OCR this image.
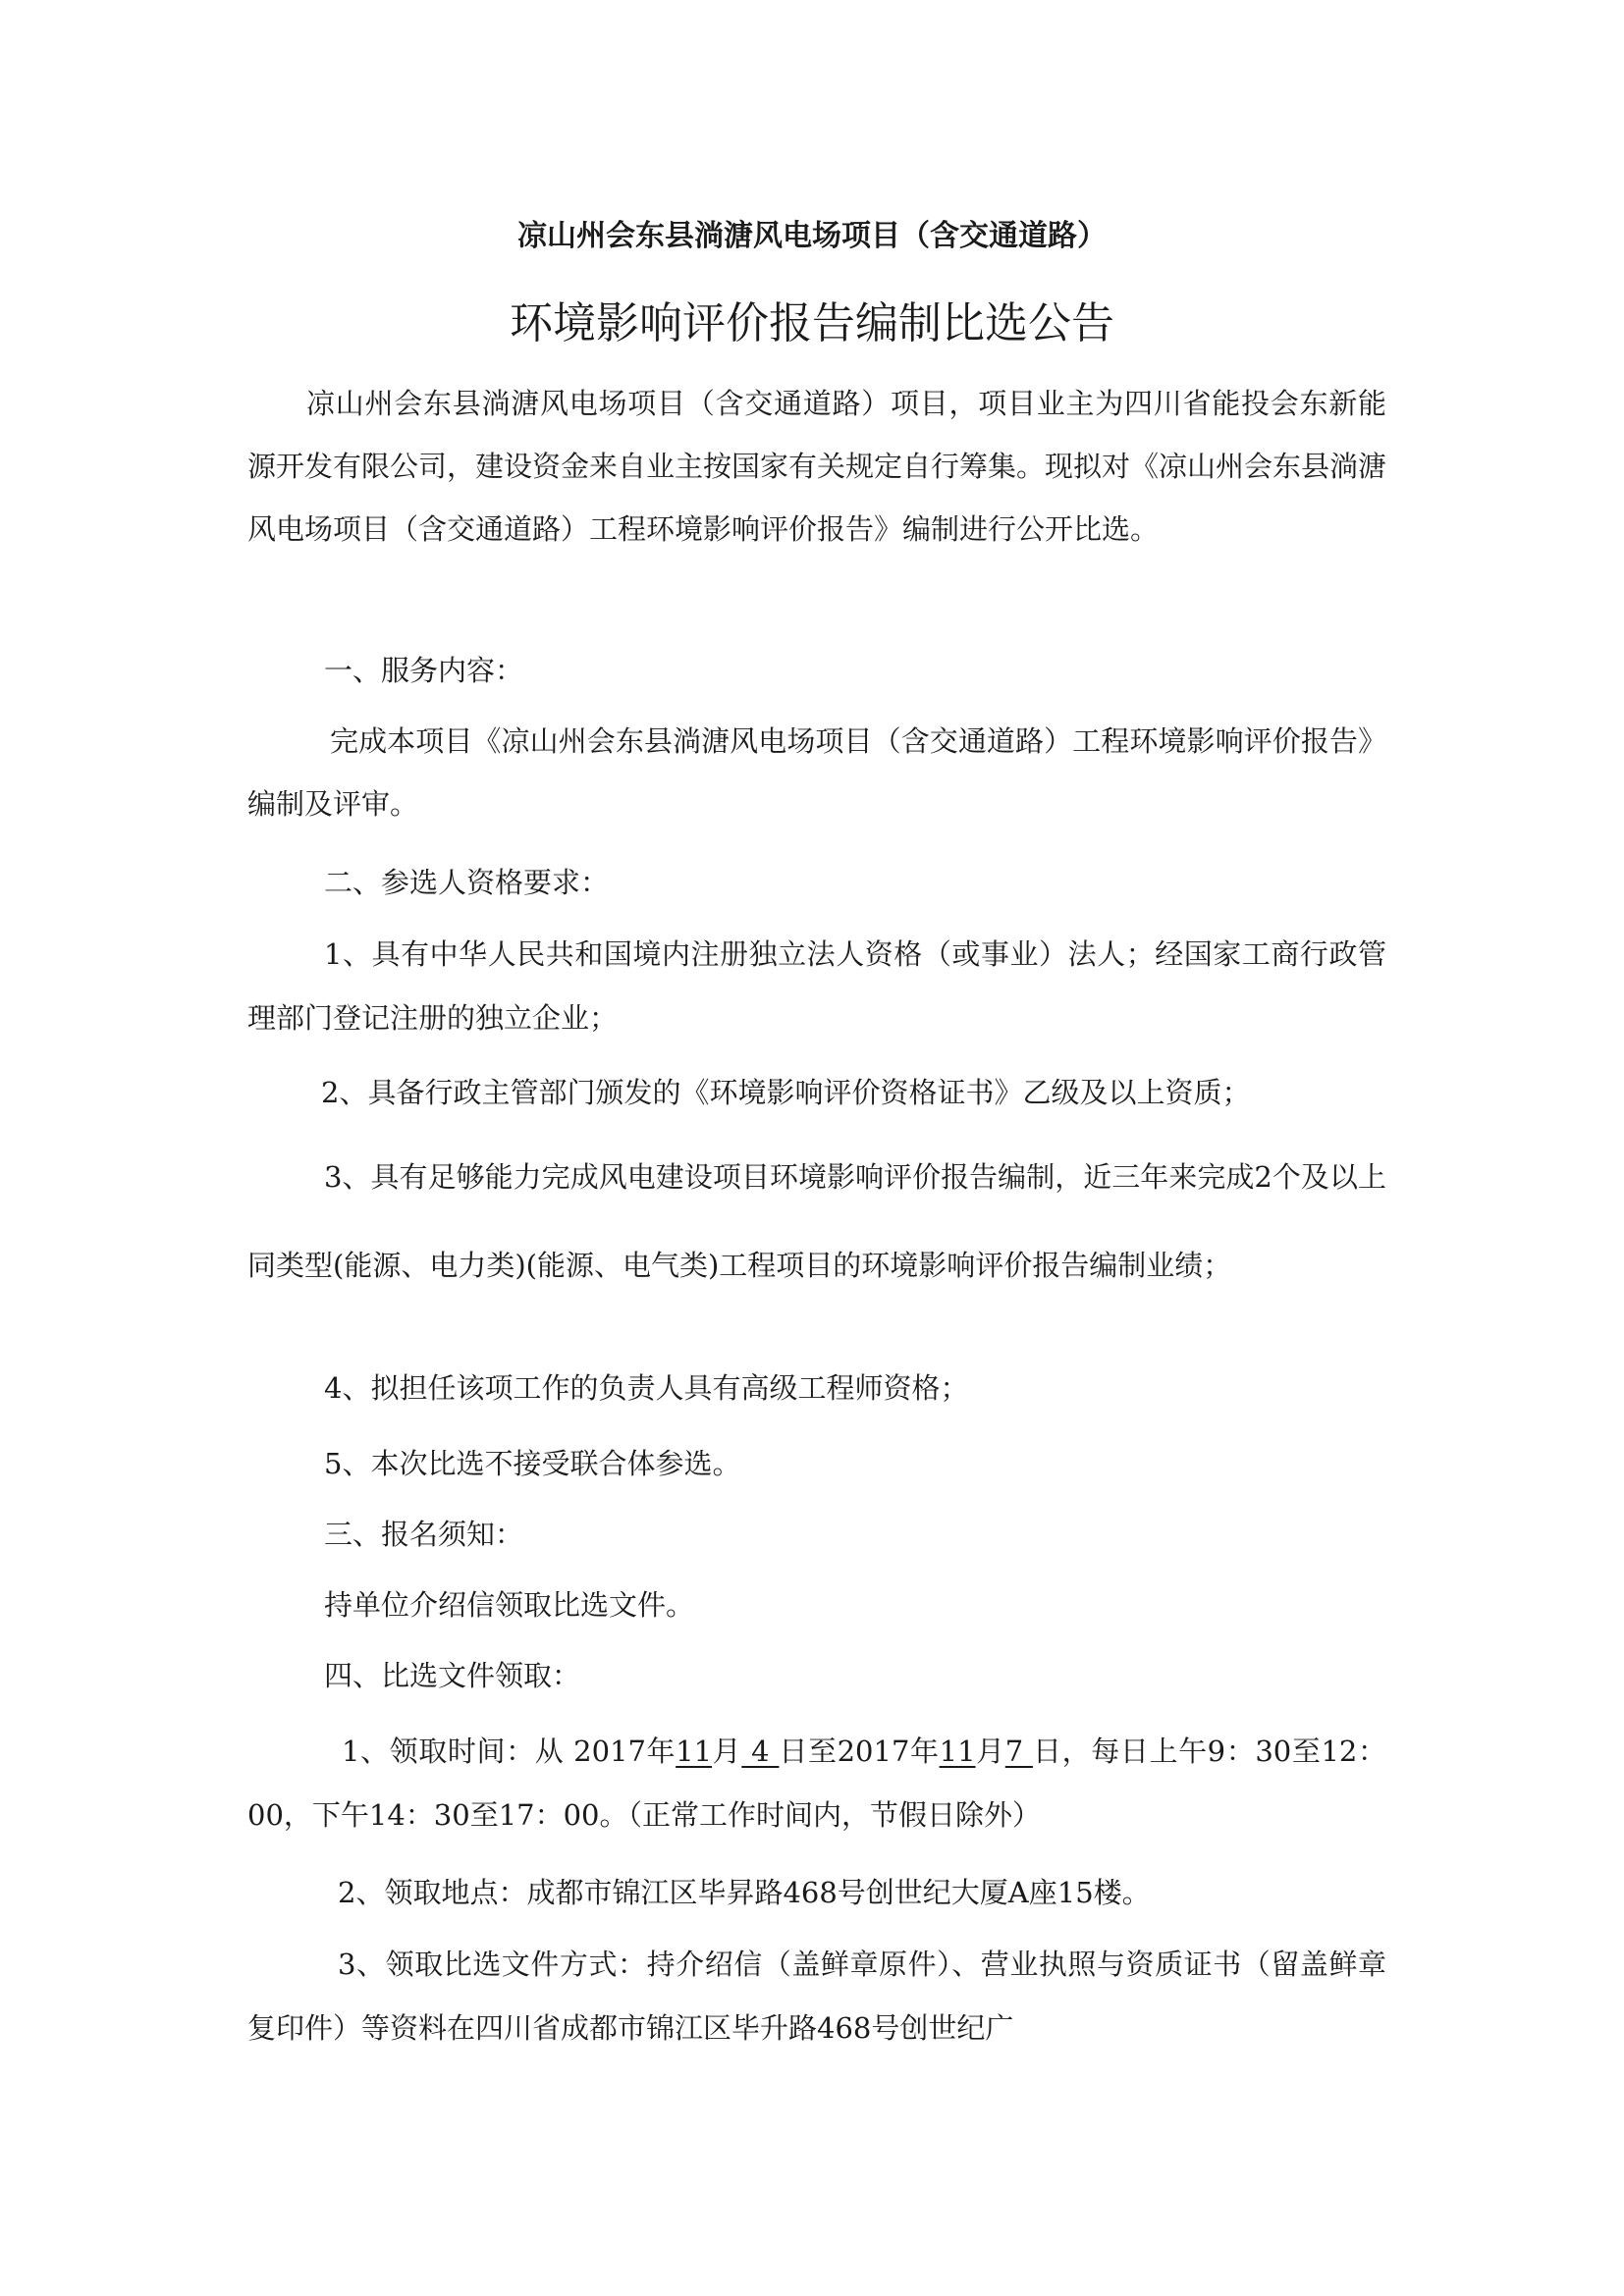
凉山州会东县淌溏风电场项目（含交通道路）
环境影响评价报告编制比选公告

凉山州会东县淌溏风电场项目（含交通道路）项目，项目业主为四川省能投会东新能源开发有限公司，建设资金来自业主按国家有关规定自行筹集。现拟对《凉山州会东县淌溏风电场项目（含交通道路）工程环境影响评价报告》编制进行公开比选。

一、服务内容：

完成本项目《凉山州会东县淌溏风电场项目（含交通道路）工程环境影响评价报告》编制及评审。

二、参选人资格要求：

1、具有中华人民共和国境内注册独立法人资格（或事业）法人；经国家工商行政管理部门登记注册的独立企业；

2、具备行政主管部门颁发的《环境影响评价资格证书》乙级及以上资质；

3、具有足够能力完成风电建设项目环境影响评价报告编制，近三年来完成2个及以上同类型(能源、电力类)(能源、电气类)工程项目的环境影响评价报告编制业绩；

4、拟担任该项工作的负责人具有高级工程师资格；

5、本次比选不接受联合体参选。

三、报名须知：

持单位介绍信领取比选文件。

四、比选文件领取：

1、领取时间：从 2017年11月 4 日至2017年11月7 日，每日上午9：30至12：00，下午14：30至17：00。（正常工作时间内，节假日除外）

2、领取地点：成都市锦江区毕昇路468号创世纪大厦A座15楼。

3、领取比选文件方式：持介绍信（盖鲜章原件）、营业执照与资质证书（留盖鲜章复印件）等资料在四川省成都市锦江区毕升路468号创世纪广
